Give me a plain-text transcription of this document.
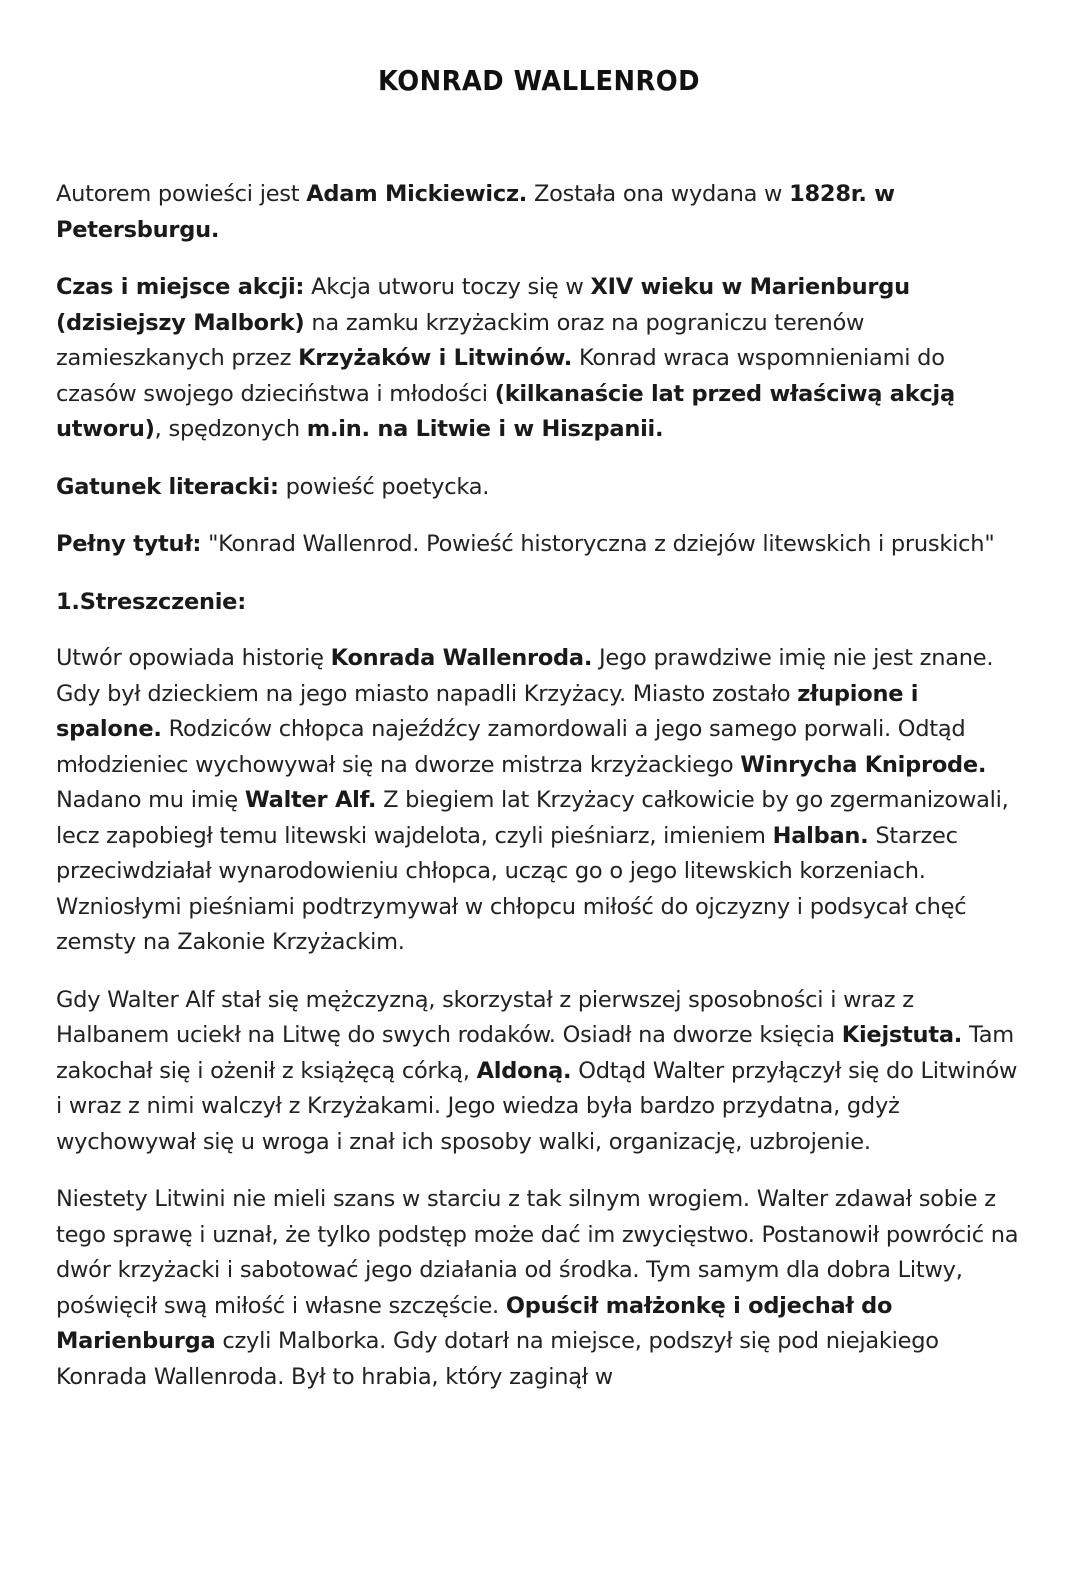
KONRAD WALLENROD

Autorem powieści jest Adam Mickiewicz. Została ona wydana w 1828r. w Petersburgu.

Czas i miejsce akcji: Akcja utworu toczy się w XIV wieku w Marienburgu (dzisiejszy Malbork) na zamku krzyżackim oraz na pograniczu terenów zamieszkanych przez Krzyżaków i Litwinów. Konrad wraca wspomnieniami do czasów swojego dzieciństwa i młodości (kilkanaście lat przed właściwą akcją utworu), spędzonych m.in. na Litwie i w Hiszpanii.

Gatunek literacki: powieść poetycka.

Pełny tytuł: "Konrad Wallenrod. Powieść historyczna z dziejów litewskich i pruskich"

1.Streszczenie:

Utwór opowiada historię Konrada Wallenroda. Jego prawdziwe imię nie jest znane. Gdy był dzieckiem na jego miasto napadli Krzyżacy. Miasto zostało złupione i spalone. Rodziców chłopca najeźdźcy zamordowali a jego samego porwali. Odtąd młodzieniec wychowywał się na dworze mistrza krzyżackiego Winrycha Kniprode. Nadano mu imię Walter Alf. Z biegiem lat Krzyżacy całkowicie by go zgermanizowali, lecz zapobiegł temu litewski wajdelota, czyli pieśniarz, imieniem Halban. Starzec przeciwdziałał wynarodowieniu chłopca, ucząc go o jego litewskich korzeniach. Wzniosłymi pieśniami podtrzymywał w chłopcu miłość do ojczyzny i podsycał chęć zemsty na Zakonie Krzyżackim.

Gdy Walter Alf stał się mężczyzną, skorzystał z pierwszej sposobności i wraz z Halbanem uciekł na Litwę do swych rodaków. Osiadł na dworze księcia Kiejstuta. Tam zakochał się i ożenił z książęcą córką, Aldoną. Odtąd Walter przyłączył się do Litwinów i wraz z nimi walczył z Krzyżakami. Jego wiedza była bardzo przydatna, gdyż wychowywał się u wroga i znał ich sposoby walki, organizację, uzbrojenie.

Niestety Litwini nie mieli szans w starciu z tak silnym wrogiem. Walter zdawał sobie z tego sprawę i uznał, że tylko podstęp może dać im zwycięstwo. Postanowił powrócić na dwór krzyżacki i sabotować jego działania od środka. Tym samym dla dobra Litwy, poświęcił swą miłość i własne szczęście. Opuścił małżonkę i odjechał do Marienburga czyli Malborka. Gdy dotarł na miejsce, podszył się pod niejakiego Konrada Wallenroda. Był to hrabia, który zaginął w
